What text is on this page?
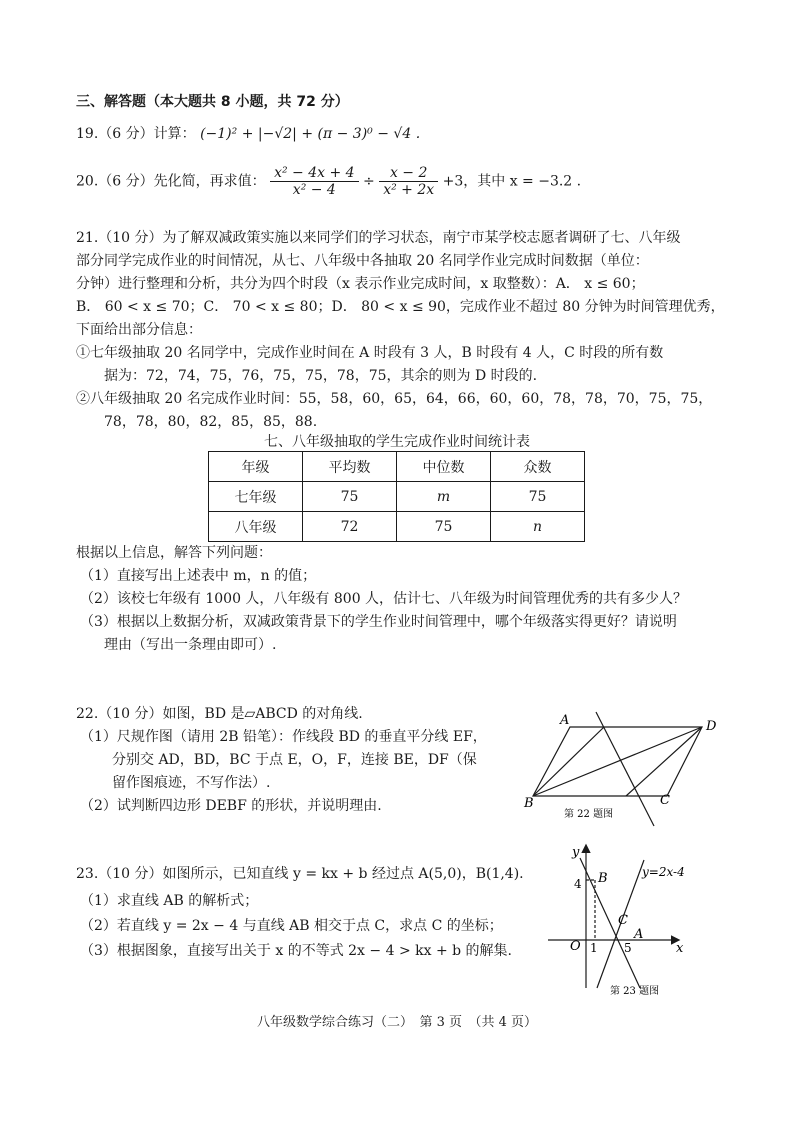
三、解答题（本大题共 8 小题，共 72 分）
19.（6 分）计算： (−1)² + |−√2| + (π − 3)⁰ − √4 .
20.（6 分）先化简，再求值： $\frac{\text{x² − 4x + 4}}{\text{x² − 4}} \div \frac{x - 2}{\text{x² + 2x}} +3$，其中 x = −3.2 .
21.（10 分）为了解双减政策实施以来同学们的学习状态，南宁市某学校志愿者调研了七、八年级
部分同学完成作业的时间情况，从七、八年级中各抽取 20 名同学作业完成时间数据（单位：
分钟）进行整理和分析，共分为四个时段（x 表示作业完成时间，x 取整数）：A． x ≤ 60；
B． 60 < x ≤ 70；C． 70 < x ≤ 80；D． 80 < x ≤ 90，完成作业不超过 80 分钟为时间管理优秀，
下面给出部分信息：
①七年级抽取 20 名同学中，完成作业时间在 A 时段有 3 人，B 时段有 4 人，C 时段的所有数
据为：72，74，75，76，75，75，78，75，其余的则为 D 时段的.
②八年级抽取 20 名完成作业时间：55，58，60，65，64，66，60，60，78，78，70，75，75，
78，78，80，82，85，85，88.
七、八年级抽取的学生完成作业时间统计表
年级	平均数	中位数	众数
七年级	75	m	75
八年级	72	75	n
根据以上信息，解答下列问题：
（1）直接写出上述表中 m，n 的值；
（2）该校七年级有 1000 人，八年级有 800 人，估计七、八年级为时间管理优秀的共有多少人？
（3）根据以上数据分析，双减政策背景下的学生作业时间管理中，哪个年级落实得更好？请说明
理由（写出一条理由即可）.
22.（10 分）如图，BD 是▱ABCD 的对角线.
（1）尺规作图（请用 2B 铅笔）：作线段 BD 的垂直平分线 EF，
分别交 AD，BD，BC 于点 E，O，F，连接 BE，DF（保
留作图痕迹，不写作法）.
（2）试判断四边形 DEBF 的形状，并说明理由.
A	D
B	C
第 22 题图
23.（10 分）如图所示，已知直线 y = kx + b 经过点 A(5,0)，B(1,4).
（1）求直线 AB 的解析式；
（2）若直线 y = 2x − 4 与直线 AB 相交于点 C，求点 C 的坐标；
（3）根据图象，直接写出关于 x 的不等式 2x − 4 > kx + b 的解集.
y
x
O
4
1 5
B
C
A
y=2x-4
第 23 题图
八年级数学综合练习（二）　第 3 页　（共 4 页）
